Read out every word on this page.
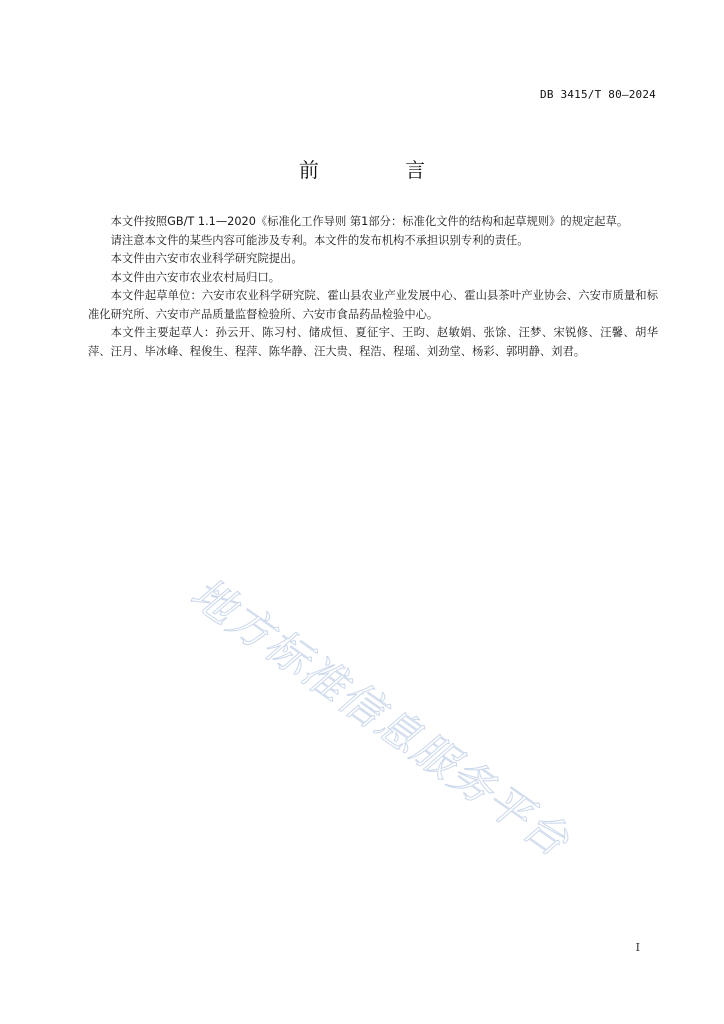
DB 3415/T 80—2024
前 言

本文件按照GB/T 1.1—2020《标准化工作导则 第1部分：标准化文件的结构和起草规则》的规定起草。

请注意本文件的某些内容可能涉及专利。本文件的发布机构不承担识别专利的责任。

本文件由六安市农业科学研究院提出。

本文件由六安市农业农村局归口。

本文件起草单位：六安市农业科学研究院、霍山县农业产业发展中心、霍山县茶叶产业协会、六安市质量和标准化研究所、六安市产品质量监督检验所、六安市食品药品检验中心。

本文件主要起草人：孙云开、陈习村、储成恒、夏征宇、王昀、赵敏娟、张馀、汪梦、宋锐修、汪馨、胡华萍、汪月、毕冰峰、程俊生、程萍、陈华静、汪大贵、程浩、程瑶、刘劲堂、杨彩、郭明静、刘君。

地方标准信息服务平台
I
